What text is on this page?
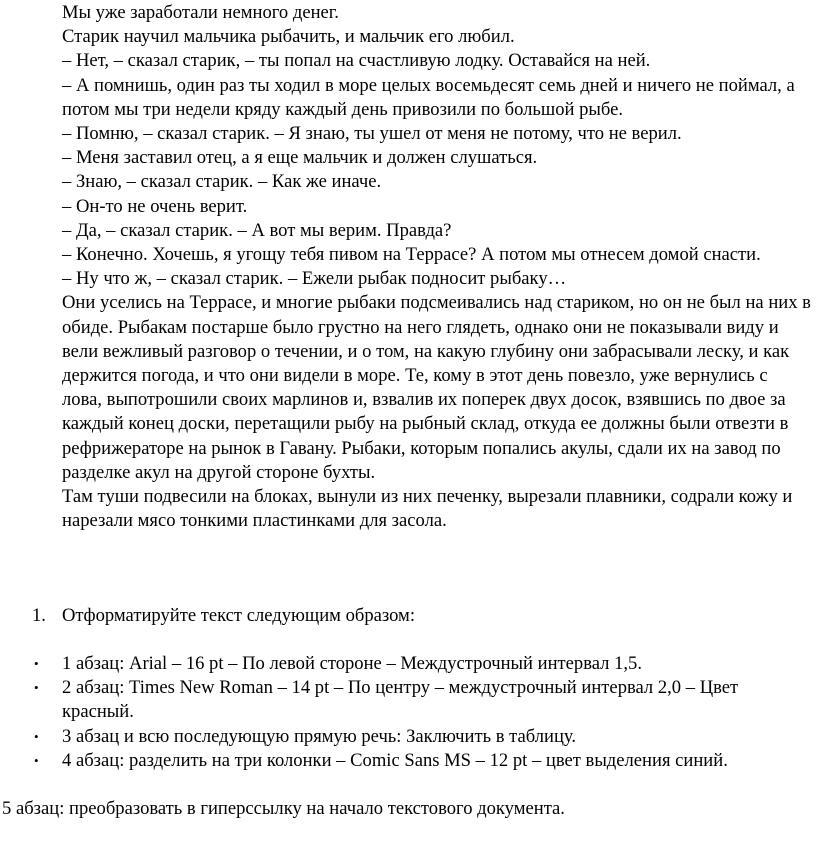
Мы уже заработали немного денег.

Старик научил мальчика рыбачить, и мальчик его любил.

– Нет, – сказал старик, – ты попал на счастливую лодку. Оставайся на ней.

– А помнишь, один раз ты ходил в море целых восемьдесят семь дней и ничего не поймал, а потом мы три недели кряду каждый день привозили по большой рыбе.

– Помню, – сказал старик. – Я знаю, ты ушел от меня не потому, что не верил.

– Меня заставил отец, а я еще мальчик и должен слушаться.

– Знаю, – сказал старик. – Как же иначе.

– Он-то не очень верит.

– Да, – сказал старик. – А вот мы верим. Правда?

– Конечно. Хочешь, я угощу тебя пивом на Террасе? А потом мы отнесем домой снасти.

– Ну что ж, – сказал старик. – Ежели рыбак подносит рыбаку…

Они уселись на Террасе, и многие рыбаки подсмеивались над стариком, но он не был на них в обиде. Рыбакам постарше было грустно на него глядеть, однако они не показывали виду и вели вежливый разговор о течении, и о том, на какую глубину они забрасывали леску, и как держится погода, и что они видели в море. Те, кому в этот день повезло, уже вернулись с лова, выпотрошили своих марлинов и, взвалив их поперек двух досок, взявшись по двое за каждый конец доски, перетащили рыбу на рыбный склад, откуда ее должны были отвезти в рефрижераторе на рынок в Гавану. Рыбаки, которым попались акулы, сдали их на завод по разделке акул на другой стороне бухты.

Там туши подвесили на блоках, вынули из них печенку, вырезали плавники, содрали кожу и нарезали мясо тонкими пластинками для засола.

1. Отформатируйте текст следующим образом:
• 1 абзац: Arial – 16 pt – По левой стороне – Междустрочный интервал 1,5.
• 2 абзац: Times New Roman – 14 pt – По центру – междустрочный интервал 2,0 – Цвет красный.
• 3 абзац и всю последующую прямую речь: Заключить в таблицу.
• 4 абзац: разделить на три колонки – Comic Sans MS – 12 pt – цвет выделения синий.
5 абзац: преобразовать в гиперссылку на начало текстового документа.
